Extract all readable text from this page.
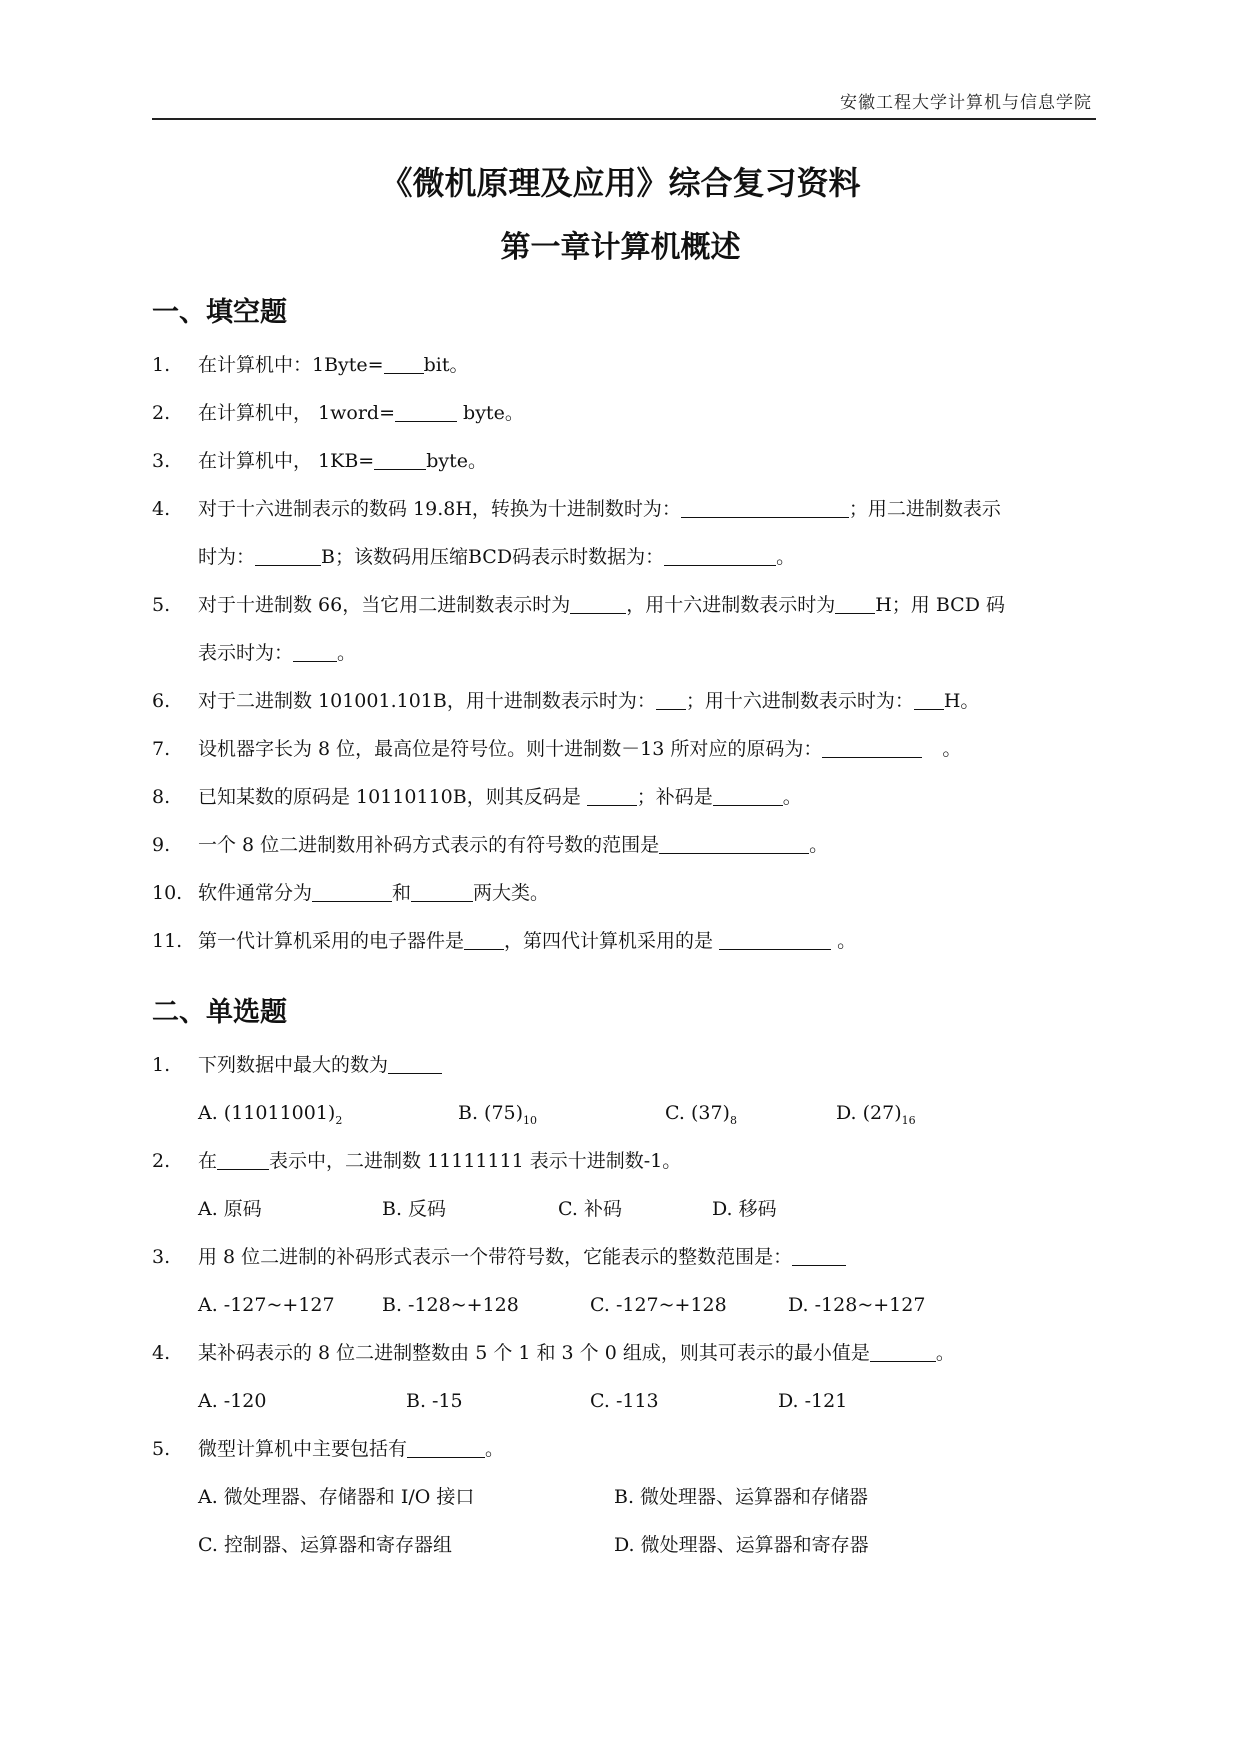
安徽工程大学计算机与信息学院
《微机原理及应用》综合复习资料
第一章计算机概述
一、填空题
1. 在计算机中：1Byte= bit。
2. 在计算机中， 1word=	byte。
3. 在计算机中， 1KB=	byte。
4. 对于十六进制表示的数码 19.8H，转换为十进制数时为：	；用二进制数表示
时为：	B；该数码用压缩BCD码表示时数据为：	。
5. 对于十进制数 66，当它用二进制数表示时为	，用十六进制数表示时为 H；用 BCD 码
表示时为： 。
6. 对于二进制数 101001.101B，用十进制数表示时为： ；用十六进制数表示时为： H。
7. 设机器字长为 8 位，最高位是符号位。则十进制数－13 所对应的原码为：	。
8. 已知某数的原码是 10110110B，则其反码是	；补码是	。
9. 一个 8 位二进制数用补码方式表示的有符号数的范围是	。
10. 软件通常分为	和	两大类。
11. 第一代计算机采用的电子器件是 ，第四代计算机采用的是	。
二、单选题
1. 下列数据中最大的数为
A. $(11011001)_2$	B. $(75)_{10}$	C. $(37)_8$	D. $(27)_{16}$
2. 在	表示中，二进制数 11111111 表示十进制数-1。
A. 原码	B. 反码	C. 补码	D. 移码
3. 用 8 位二进制的补码形式表示一个带符号数，它能表示的整数范围是：
A. -127~+127 B. -128~+128	C. -127~+128	D. -128~+127
4. 某补码表示的 8 位二进制整数由 5 个 1 和 3 个 0 组成，则其可表示的最小值是	。
A. -120	B. -15	C. -113	D. -121
5. 微型计算机中主要包括有	。
A. 微处理器、存储器和 I/O 接口	B. 微处理器、运算器和存储器
C. 控制器、运算器和寄存器组	D. 微处理器、运算器和寄存器
